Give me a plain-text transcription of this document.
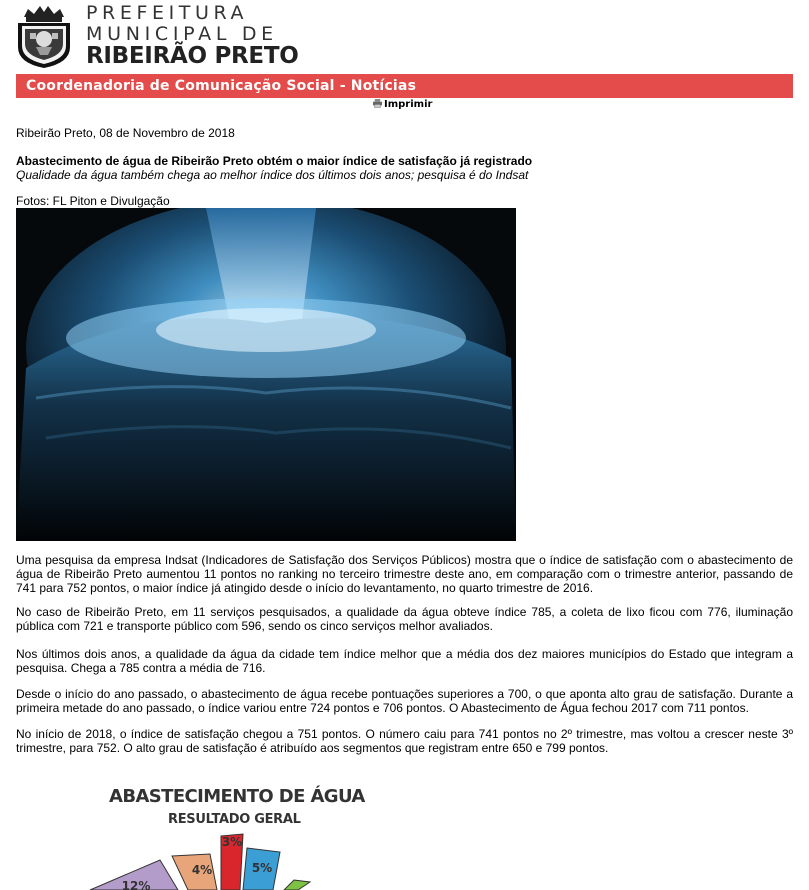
PREFEITURA
MUNICIPAL DE
RIBEIRÃO PRETO
Coordenadoria de Comunicação Social - Notícias
Imprimir
Ribeirão Preto, 08 de Novembro de 2018
Abastecimento de água de Ribeirão Preto obtém o maior índice de satisfação já registrado
Qualidade da água também chega ao melhor índice dos últimos dois anos; pesquisa é do Indsat
Fotos: FL Piton e Divulgação
Uma pesquisa da empresa Indsat (Indicadores de Satisfação dos Serviços Públicos) mostra que o índice de satisfação com o abastecimento de água de Ribeirão Preto aumentou 11 pontos no ranking no terceiro trimestre deste ano, em comparação com o trimestre anterior, passando de 741 para 752 pontos, o maior índice já atingido desde o início do levantamento, no quarto trimestre de 2016.
No caso de Ribeirão Preto, em 11 serviços pesquisados, a qualidade da água obteve índice 785, a coleta de lixo ficou com 776, iluminação pública com 721 e transporte público com 596, sendo os cinco serviços melhor avaliados.
Nos últimos dois anos, a qualidade da água da cidade tem índice melhor que a média dos dez maiores municípios do Estado que integram a pesquisa. Chega a 785 contra a média de 716.
Desde o início do ano passado, o abastecimento de água recebe pontuações superiores a 700, o que aponta alto grau de satisfação. Durante a primeira metade do ano passado, o índice variou entre 724 pontos e 706 pontos. O Abastecimento de Água fechou 2017 com 711 pontos.
No início de 2018, o índice de satisfação chegou a 751 pontos. O número caiu para 741 pontos no 2º trimestre, mas voltou a crescer neste 3º trimestre, para 752. O alto grau de satisfação é atribuído aos segmentos que registram entre 650 e 799 pontos.
ABASTECIMENTO DE ÁGUA
RESULTADO GERAL
3%
5%
12%
4%
